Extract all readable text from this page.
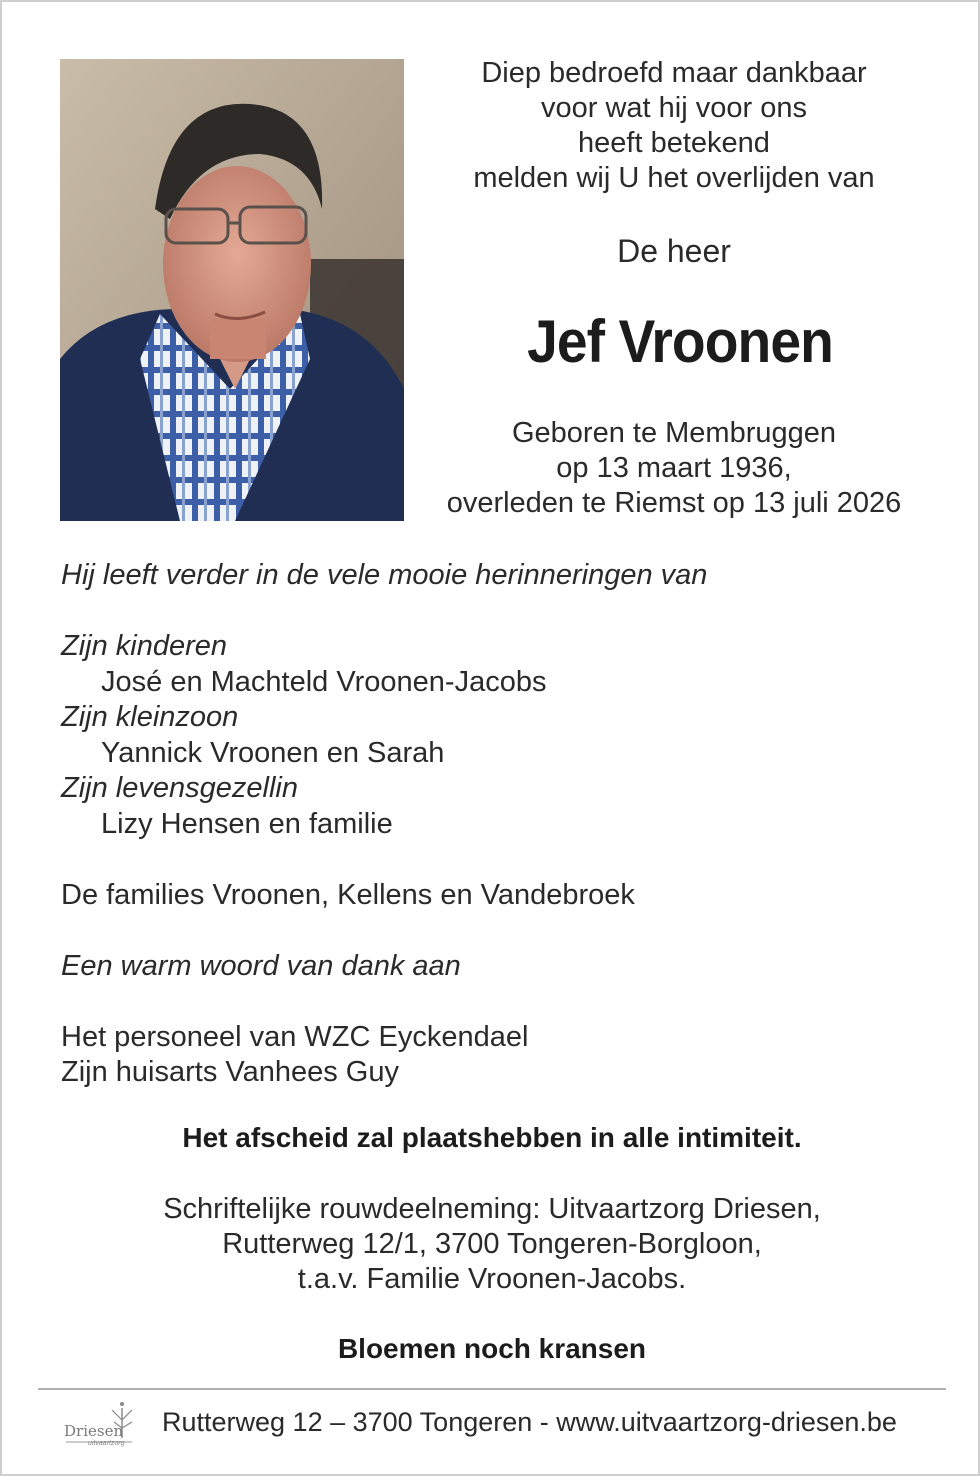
Diep bedroefd maar dankbaar
voor wat hij voor ons
heeft betekend
melden wij U het overlijden van
De heer
Jef Vroonen
Geboren te Membruggen
op 13 maart 1936,
overleden te Riemst op 13 juli 2026
Hij leeft verder in de vele mooie herinneringen van
Zijn kinderen
José en Machteld Vroonen-Jacobs
Zijn kleinzoon
Yannick Vroonen en Sarah
Zijn levensgezellin
Lizy Hensen en familie
De families Vroonen, Kellens en Vandebroek
Een warm woord van dank aan
Het personeel van WZC Eyckendael
Zijn huisarts Vanhees Guy
Het afscheid zal plaatshebben in alle intimiteit.
Schriftelijke rouwdeelneming: Uitvaartzorg Driesen,
Rutterweg 12/1, 3700 Tongeren-Borgloon,
t.a.v. Familie Vroonen-Jacobs.
Bloemen noch kransen
Driesen
uitvaartzorg
Rutterweg 12 – 3700 Tongeren - www.uitvaartzorg-driesen.be
